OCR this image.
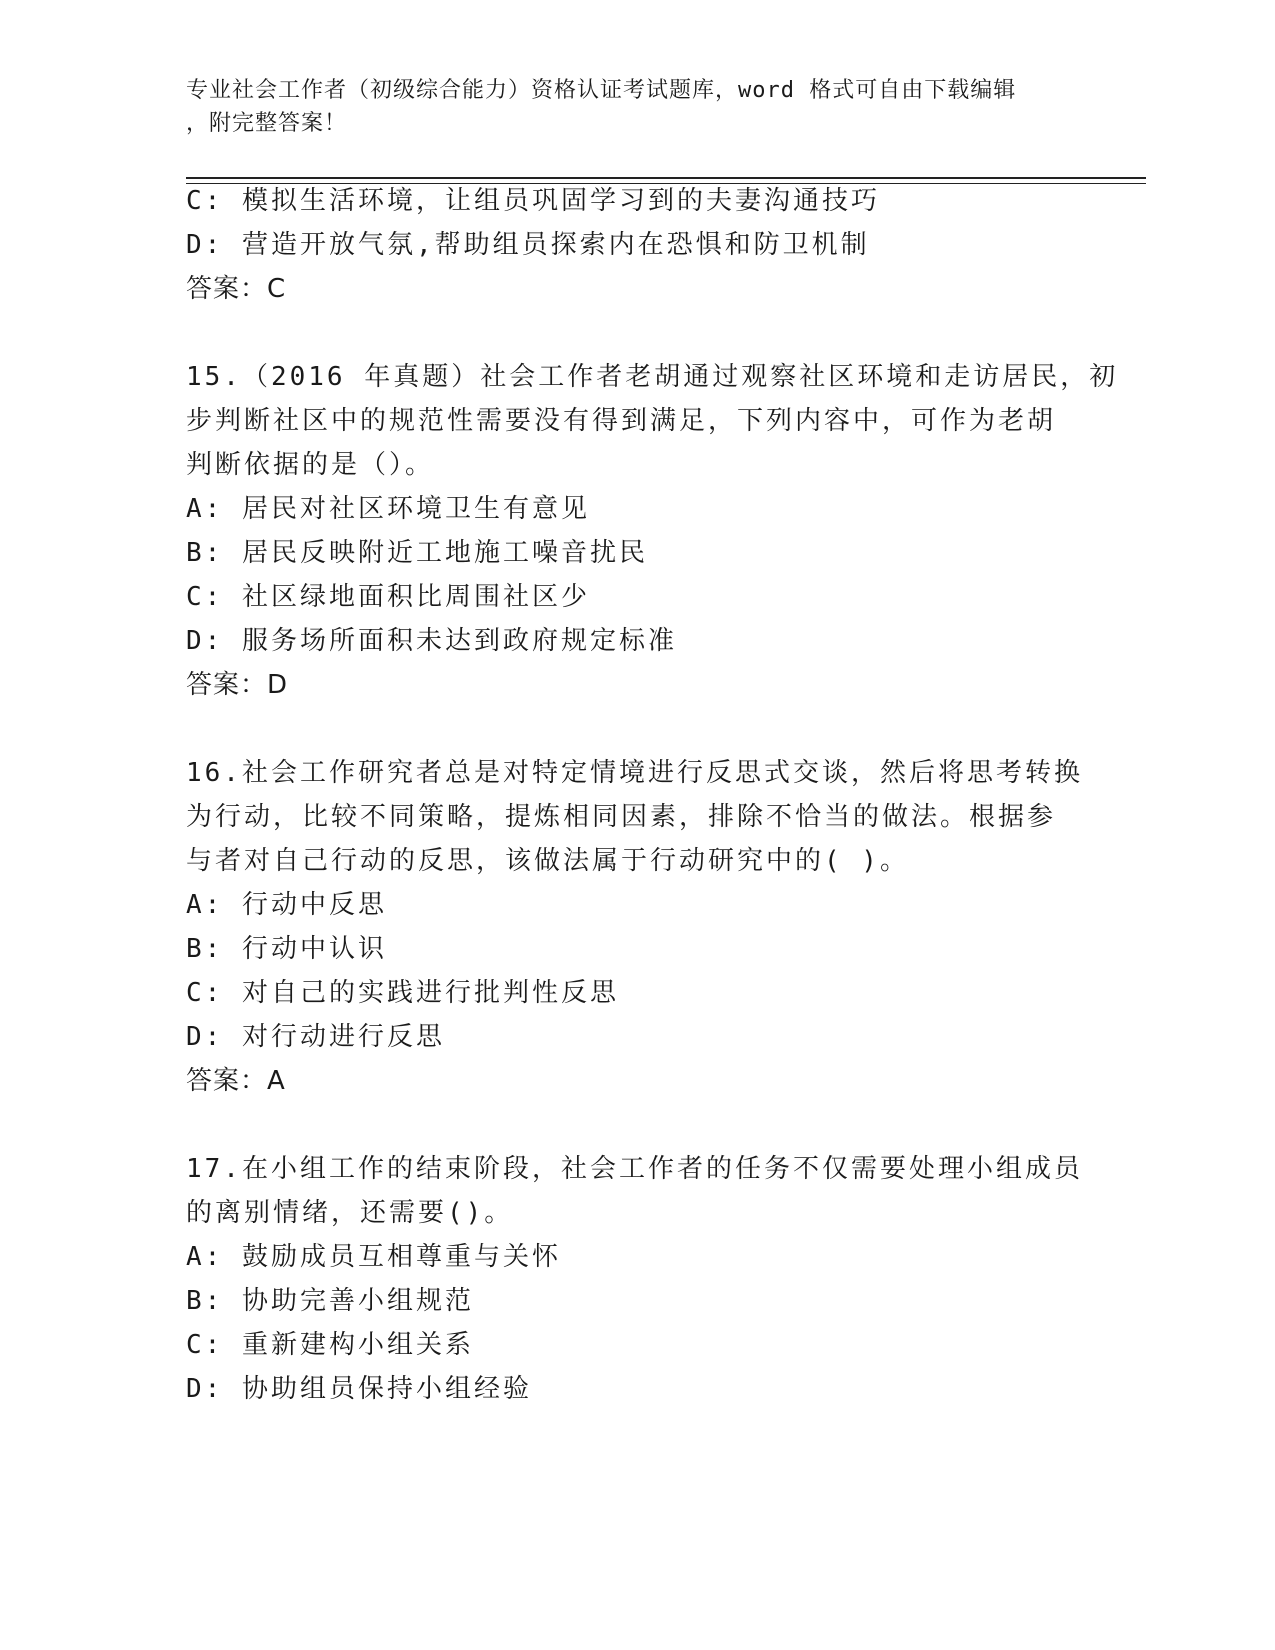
专业社会工作者（初级综合能力）资格认证考试题库，word 格式可自由下载编辑
，附完整答案！
C: 模拟生活环境，让组员巩固学习到的夫妻沟通技巧
D: 营造开放气氛,帮助组员探索内在恐惧和防卫机制
答案：C
15.（2016 年真题）社会工作者老胡通过观察社区环境和走访居民，初
步判断社区中的规范性需要没有得到满足，下列内容中，可作为老胡
判断依据的是（）。
A: 居民对社区环境卫生有意见
B: 居民反映附近工地施工噪音扰民
C: 社区绿地面积比周围社区少
D: 服务场所面积未达到政府规定标准
答案：D
16.社会工作研究者总是对特定情境进行反思式交谈，然后将思考转换
为行动，比较不同策略，提炼相同因素，排除不恰当的做法。根据参
与者对自己行动的反思，该做法属于行动研究中的( )。
A: 行动中反思
B: 行动中认识
C: 对自己的实践进行批判性反思
D: 对行动进行反思
答案：A
17.在小组工作的结束阶段，社会工作者的任务不仅需要处理小组成员
的离别情绪，还需要()。
A: 鼓励成员互相尊重与关怀
B: 协助完善小组规范
C: 重新建构小组关系
D: 协助组员保持小组经验
